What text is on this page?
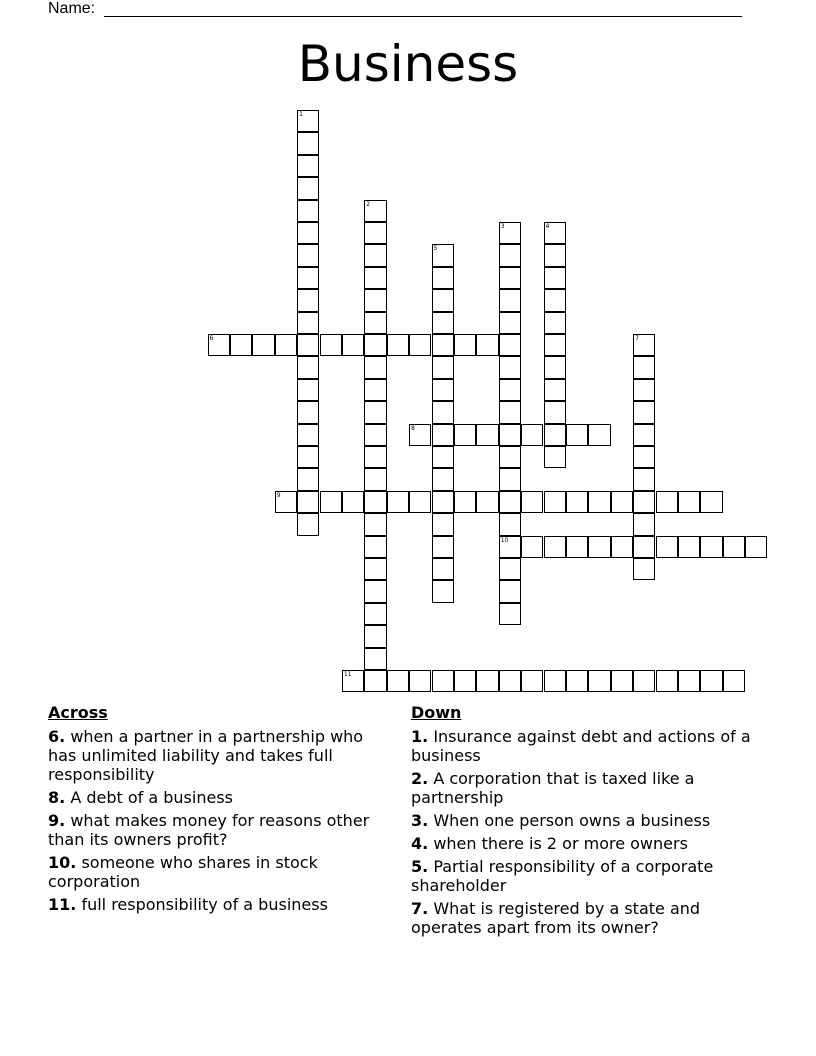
Name:
Business
1
2
3
10
4
5
6	7
8
9
11
Across
6. when a partner in a partnership who has unlimited liability and takes full responsibility
8. A debt of a business
9. what makes money for reasons other than its owners profit?
10. someone who shares in stock corporation
11. full responsibility of a business
Down
1. Insurance against debt and actions of a business
2. A corporation that is taxed like a partnership
3. When one person owns a business
4. when there is 2 or more owners
5. Partial responsibility of a corporate shareholder
7. What is registered by a state and operates apart from its owner?
